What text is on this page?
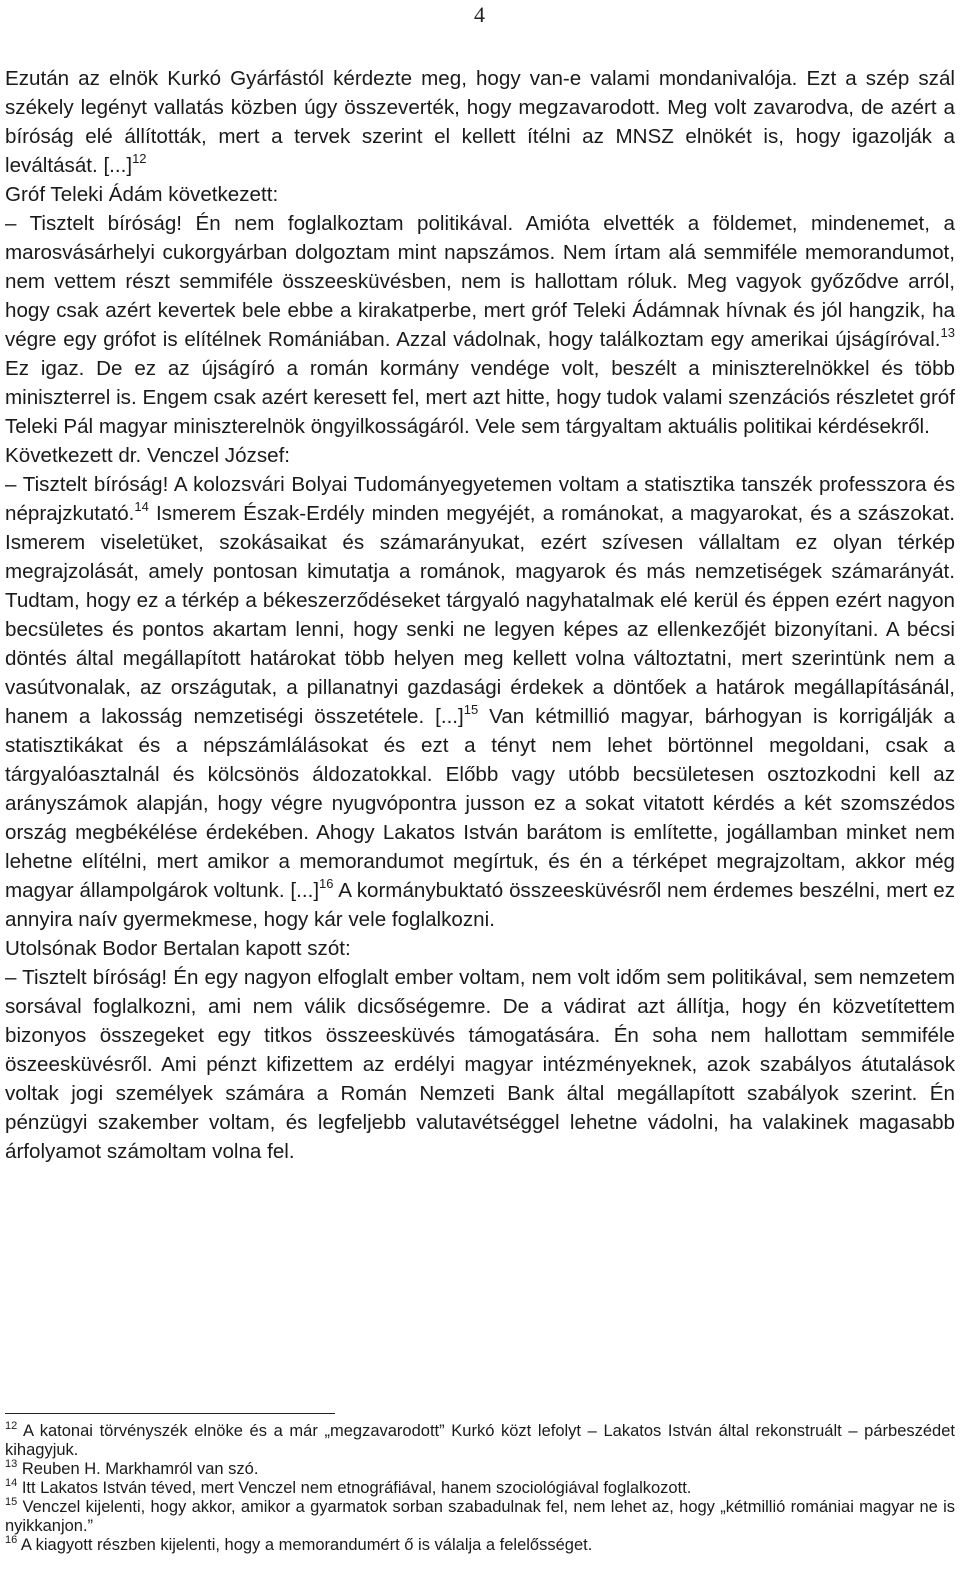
4

Ezután az elnök Kurkó Gyárfástól kérdezte meg, hogy van-e valami mondanivalója. Ezt a szép szál székely legényt vallatás közben úgy összeverték, hogy megzavarodott. Meg volt zavarodva, de azért a bíróság elé állították, mert a tervek szerint el kellett ítélni az MNSZ elnökét is, hogy igazolják a leváltását. [...]$^{12}$

Gróf Teleki Ádám következett:

– Tisztelt bíróság! Én nem foglalkoztam politikával. Amióta elvették a földemet, mindenemet, a marosvásárhelyi cukorgyárban dolgoztam mint napszámos. Nem írtam alá semmiféle memorandumot, nem vettem részt semmiféle összeesküvésben, nem is hallottam róluk. Meg vagyok győződve arról, hogy csak azért kevertek bele ebbe a kirakatperbe, mert gróf Teleki Ádámnak hívnak és jól hangzik, ha végre egy grófot is elítélnek Romániában. Azzal vádolnak, hogy találkoztam egy amerikai újságíróval.$^{13}$ Ez igaz. De ez az újságíró a román kormány vendége volt, beszélt a miniszterelnökkel és több miniszterrel is. Engem csak azért keresett fel, mert azt hitte, hogy tudok valami szenzációs részletet gróf Teleki Pál magyar miniszterelnök öngyilkosságáról. Vele sem tárgyaltam aktuális politikai kérdésekről.

Következett dr. Venczel József:

– Tisztelt bíróság! A kolozsvári Bolyai Tudományegyetemen voltam a statisztika tanszék professzora és néprajzkutató.$^{14}$ Ismerem Észak-Erdély minden megyéjét, a románokat, a magyarokat, és a szászokat. Ismerem viseletüket, szokásaikat és számarányukat, ezért szívesen vállaltam ez olyan térkép megrajzolását, amely pontosan kimutatja a románok, magyarok és más nemzetiségek számarányát. Tudtam, hogy ez a térkép a békeszerződéseket tárgyaló nagyhatalmak elé kerül és éppen ezért nagyon becsületes és pontos akartam lenni, hogy senki ne legyen képes az ellenkezőjét bizonyítani. A bécsi döntés által megállapított határokat több helyen meg kellett volna változtatni, mert szerintünk nem a vasútvonalak, az országutak, a pillanatnyi gazdasági érdekek a döntőek a határok megállapításánál, hanem a lakosság nemzetiségi összetétele. [...]$^{15}$ Van kétmillió magyar, bárhogyan is korrigálják a statisztikákat és a népszámlálásokat és ezt a tényt nem lehet börtönnel megoldani, csak a tárgyalóasztalnál és kölcsönös áldozatokkal. Előbb vagy utóbb becsületesen osztozkodni kell az arányszámok alapján, hogy végre nyugvópontra jusson ez a sokat vitatott kérdés a két szomszédos ország megbékélése érdekében. Ahogy Lakatos István barátom is említette, jogállamban minket nem lehetne elítélni, mert amikor a memorandumot megírtuk, és én a térképet megrajzoltam, akkor még magyar állampolgárok voltunk. [...]$^{16}$ A kormánybuktató összeesküvésről nem érdemes beszélni, mert ez annyira naív gyermekmese, hogy kár vele foglalkozni.

Utolsónak Bodor Bertalan kapott szót:

– Tisztelt bíróság! Én egy nagyon elfoglalt ember voltam, nem volt időm sem politikával, sem nemzetem sorsával foglalkozni, ami nem válik dicsőségemre. De a vádirat azt állítja, hogy én közvetítettem bizonyos összegeket egy titkos összeesküvés támogatására. Én soha nem hallottam semmiféle öszeesküvésről. Ami pénzt kifizettem az erdélyi magyar intézményeknek, azok szabályos átutalások voltak jogi személyek számára a Román Nemzeti Bank által megállapított szabályok szerint. Én pénzügyi szakember voltam, és legfeljebb valutavétséggel lehetne vádolni, ha valakinek magasabb árfolyamot számoltam volna fel.

$^{12}$ A katonai törvényszék elnöke és a már „megzavarodott” Kurkó közt lefolyt – Lakatos István által rekonstruált – párbeszédet kihagyjuk.

$^{13}$ Reuben H. Markhamról van szó.

$^{14}$ Itt Lakatos István téved, mert Venczel nem etnográfiával, hanem szociológiával foglalkozott.

$^{15}$ Venczel kijelenti, hogy akkor, amikor a gyarmatok sorban szabadulnak fel, nem lehet az, hogy „kétmillió romániai magyar ne is nyikkanjon.”

$^{16}$ A kiagyott részben kijelenti, hogy a memorandumért ő is válalja a felelősséget.
